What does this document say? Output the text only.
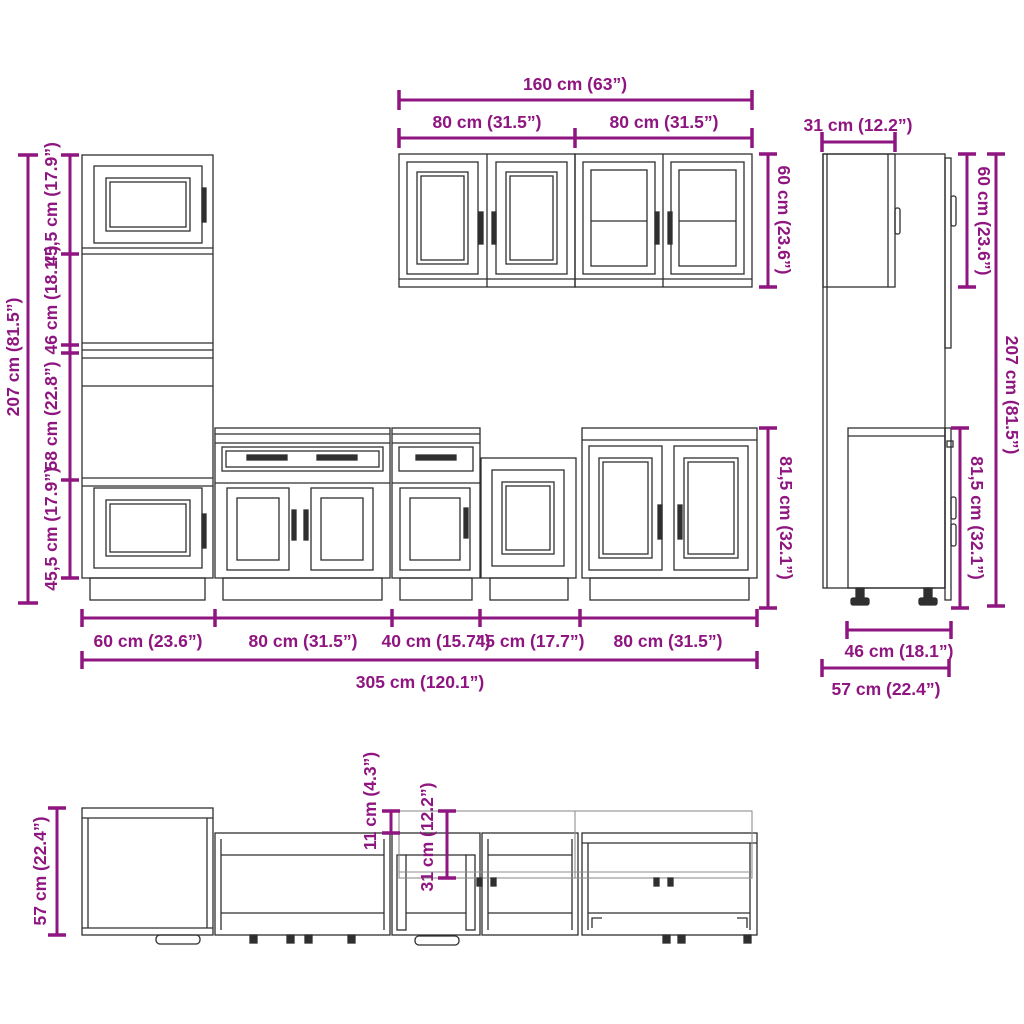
160 cm (63”)
80 cm (31.5”)	80 cm (31.5”)
60 cm (23.6”)
207 cm (81.5”)
45,5 cm (17.9”)
46 cm (18.1”)
58 cm (22.8”)
45,5 cm (17.9”)	81,5 cm (32.1”)
60 cm (23.6”)	80 cm (31.5”) 40 cm (15.7”)
45 cm (17.7”) 80 cm (31.5”)
305 cm (120.1”)
31 cm (12.2”)
60 cm (23.6”)
207 cm (81.5”)
81,5 cm (32.1”)
46 cm (18.1”)
57 cm (22.4”)
57 cm (22.4”)
11 cm (4.3”) 31 cm (12.2”)
